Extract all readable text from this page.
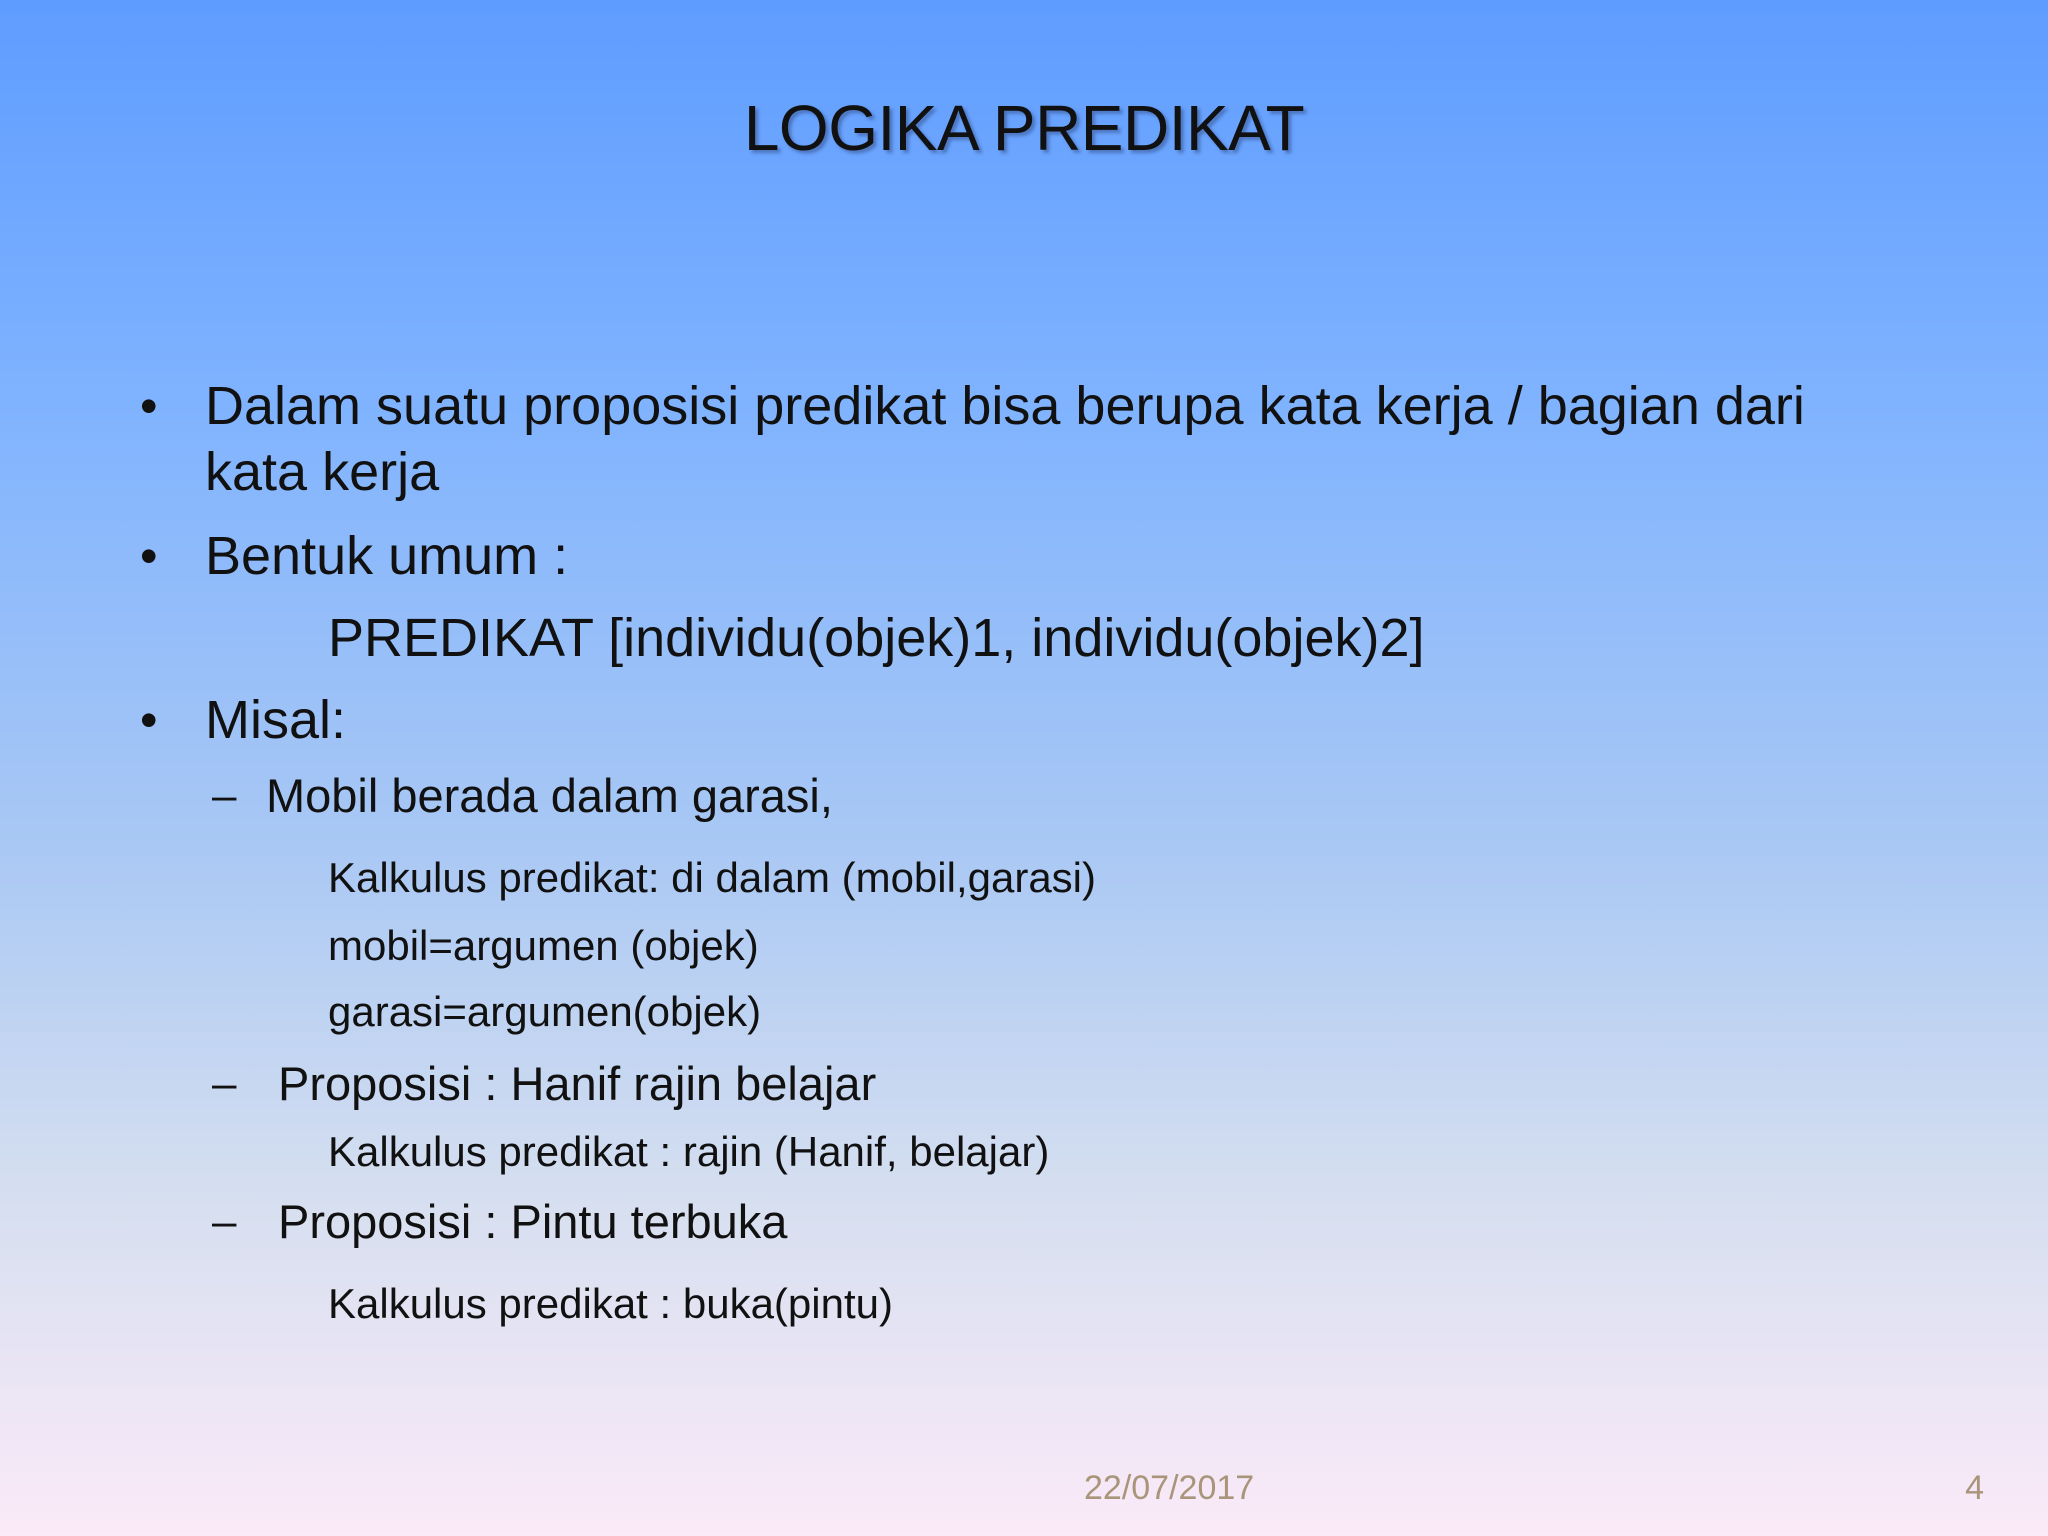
LOGIKA PREDIKAT
• Dalam suatu proposisi predikat bisa berupa kata kerja / bagian dari
kata kerja
• Bentuk umum :
PREDIKAT [individu(objek)1, individu(objek)2]
• Misal:
– Mobil berada dalam garasi,
Kalkulus predikat: di dalam (mobil,garasi)
mobil=argumen (objek)
garasi=argumen(objek)
– Proposisi : Hanif rajin belajar
Kalkulus predikat : rajin (Hanif, belajar)
– Proposisi : Pintu terbuka
Kalkulus predikat : buka(pintu)
22/07/2017	4
